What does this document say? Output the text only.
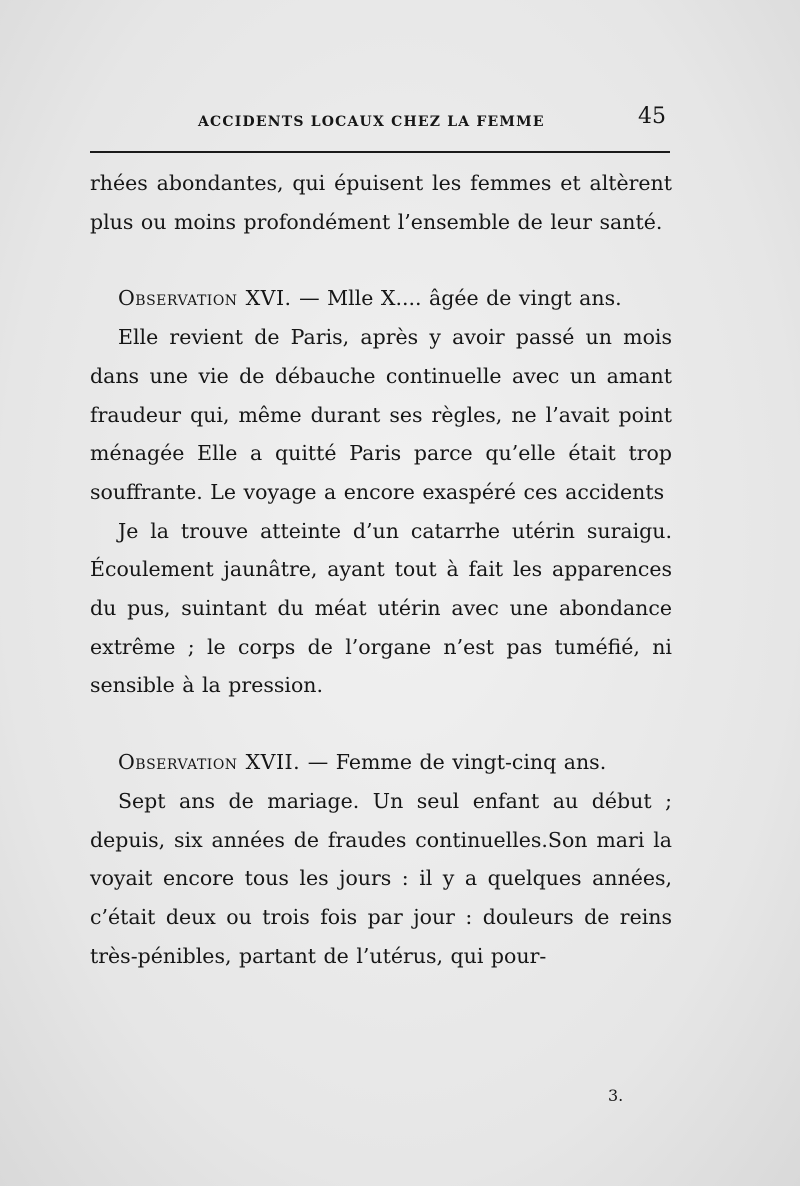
ACCIDENTS LOCAUX CHEZ LA FEMME	45

rhées abondantes, qui épuisent les femmes et altèrent plus ou moins profondément l’ensemble de leur santé.

Observation XVI. — Mlle X.... âgée de vingt ans.

Elle revient de Paris, après y avoir passé un mois dans une vie de débauche continuelle avec un amant fraudeur qui, même durant ses règles, ne l’avait point ménagée Elle a quitté Paris parce qu’elle était trop souffrante. Le voyage a encore exaspéré ces accidents

Je la trouve atteinte d’un catarrhe utérin suraigu. Écoulement jaunâtre, ayant tout à fait les apparences du pus, suintant du méat utérin avec une abondance extrême ; le corps de l’organe n’est pas tuméfié, ni sensible à la pression.

Observation XVII. — Femme de vingt-cinq ans.

Sept ans de mariage. Un seul enfant au début ; depuis, six années de fraudes continuelles.Son mari la voyait encore tous les jours : il y a quelques années, c’était deux ou trois fois par jour : douleurs de reins très-pénibles, partant de l’utérus, qui pour-

3.
